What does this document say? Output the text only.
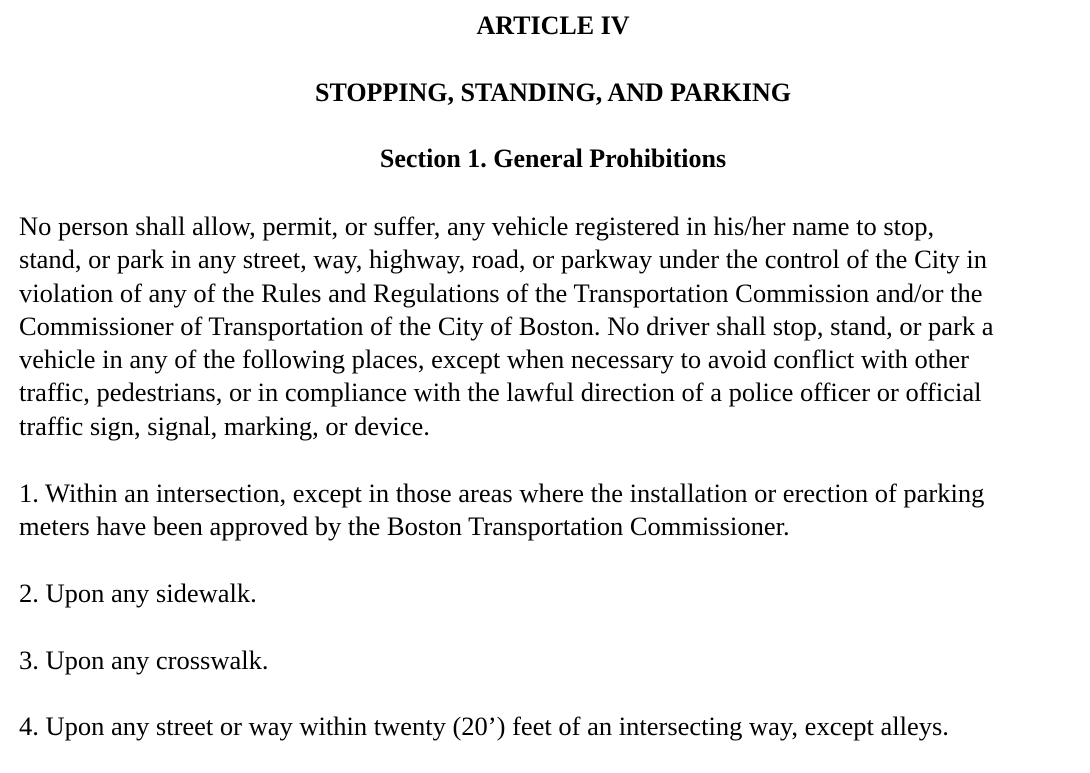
ARTICLE IV
STOPPING, STANDING, AND PARKING
Section 1. General Prohibitions

No person shall allow, permit, or suffer, any vehicle registered in his/her name to stop,
stand, or park in any street, way, highway, road, or parkway under the control of the City in
violation of any of the Rules and Regulations of the Transportation Commission and/or the
Commissioner of Transportation of the City of Boston. No driver shall stop, stand, or park a
vehicle in any of the following places, except when necessary to avoid conflict with other
traffic, pedestrians, or in compliance with the lawful direction of a police officer or official
traffic sign, signal, marking, or device.

1. Within an intersection, except in those areas where the installation or erection of parking
meters have been approved by the Boston Transportation Commissioner.

2. Upon any sidewalk.

3. Upon any crosswalk.

4. Upon any street or way within twenty (20’) feet of an intersecting way, except alleys.
